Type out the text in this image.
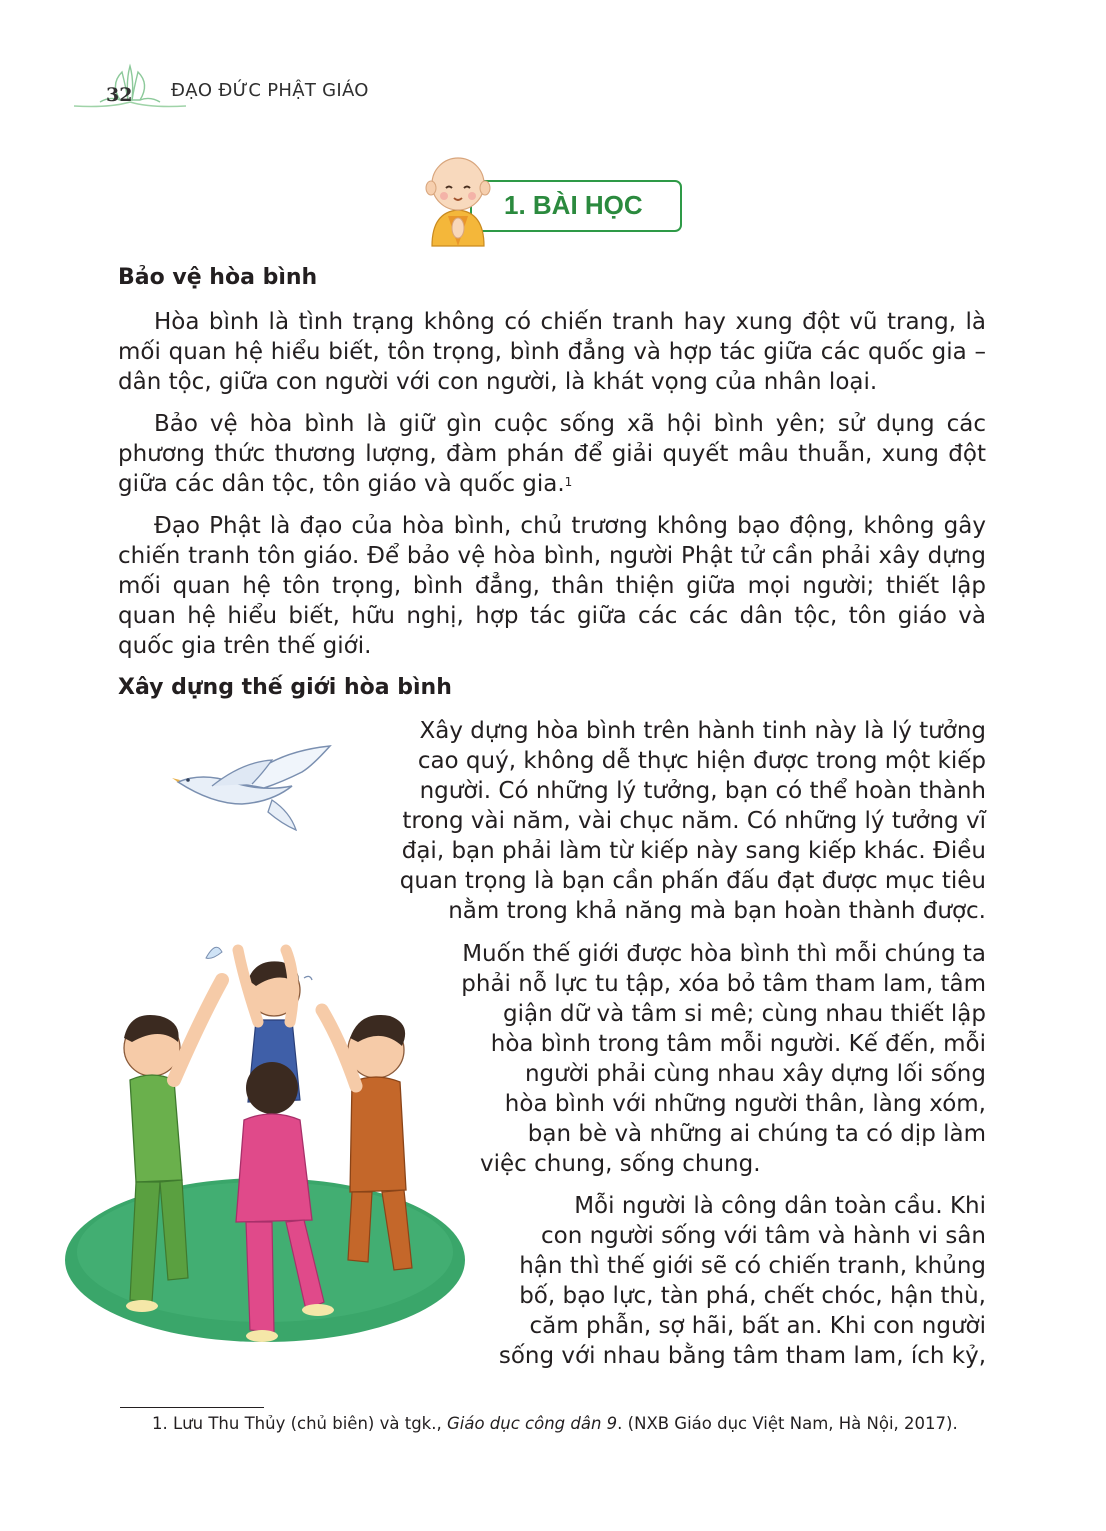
32 ĐẠO ĐỨC PHẬT GIÁO
1. BÀI HỌC
Bảo vệ hòa bình

Hòa bình là tình trạng không có chiến tranh hay xung đột vũ trang, là mối quan hệ hiểu biết, tôn trọng, bình đẳng và hợp tác giữa các quốc gia – dân tộc, giữa con người với con người, là khát vọng của nhân loại.

Bảo vệ hòa bình là giữ gìn cuộc sống xã hội bình yên; sử dụng các phương thức thương lượng, đàm phán để giải quyết mâu thuẫn, xung đột giữa các dân tộc, tôn giáo và quốc gia.$^1$

Đạo Phật là đạo của hòa bình, chủ trương không bạo động, không gây chiến tranh tôn giáo. Để bảo vệ hòa bình, người Phật tử cần phải xây dựng mối quan hệ tôn trọng, bình đẳng, thân thiện giữa mọi người; thiết lập quan hệ hiểu biết, hữu nghị, hợp tác giữa các các dân tộc, tôn giáo và quốc gia trên thế giới.

Xây dựng thế giới hòa bình
Xây dựng hòa bình trên hành tinh này là lý tưởng
cao quý, không dễ thực hiện được trong một kiếp
người. Có những lý tưởng, bạn có thể hoàn thành
trong vài năm, vài chục năm. Có những lý tưởng vĩ
đại, bạn phải làm từ kiếp này sang kiếp khác. Điều
quan trọng là bạn cần phấn đấu đạt được mục tiêu
nằm trong khả năng mà bạn hoàn thành được.
Muốn thế giới được hòa bình thì mỗi chúng ta
phải nỗ lực tu tập, xóa bỏ tâm tham lam, tâm
giận dữ và tâm si mê; cùng nhau thiết lập
hòa bình trong tâm mỗi người. Kế đến, mỗi
người phải cùng nhau xây dựng lối sống
hòa bình với những người thân, làng xóm,
bạn bè và những ai chúng ta có dịp làm
việc chung, sống chung.
Mỗi người là công dân toàn cầu. Khi
con người sống với tâm và hành vi sân
hận thì thế giới sẽ có chiến tranh, khủng
bố, bạo lực, tàn phá, chết chóc, hận thù,
căm phẫn, sợ hãi, bất an. Khi con người
sống với nhau bằng tâm tham lam, ích kỷ,
1. Lưu Thu Thủy (chủ biên) và tgk., Giáo dục công dân 9. (NXB Giáo dục Việt Nam, Hà Nội, 2017).
